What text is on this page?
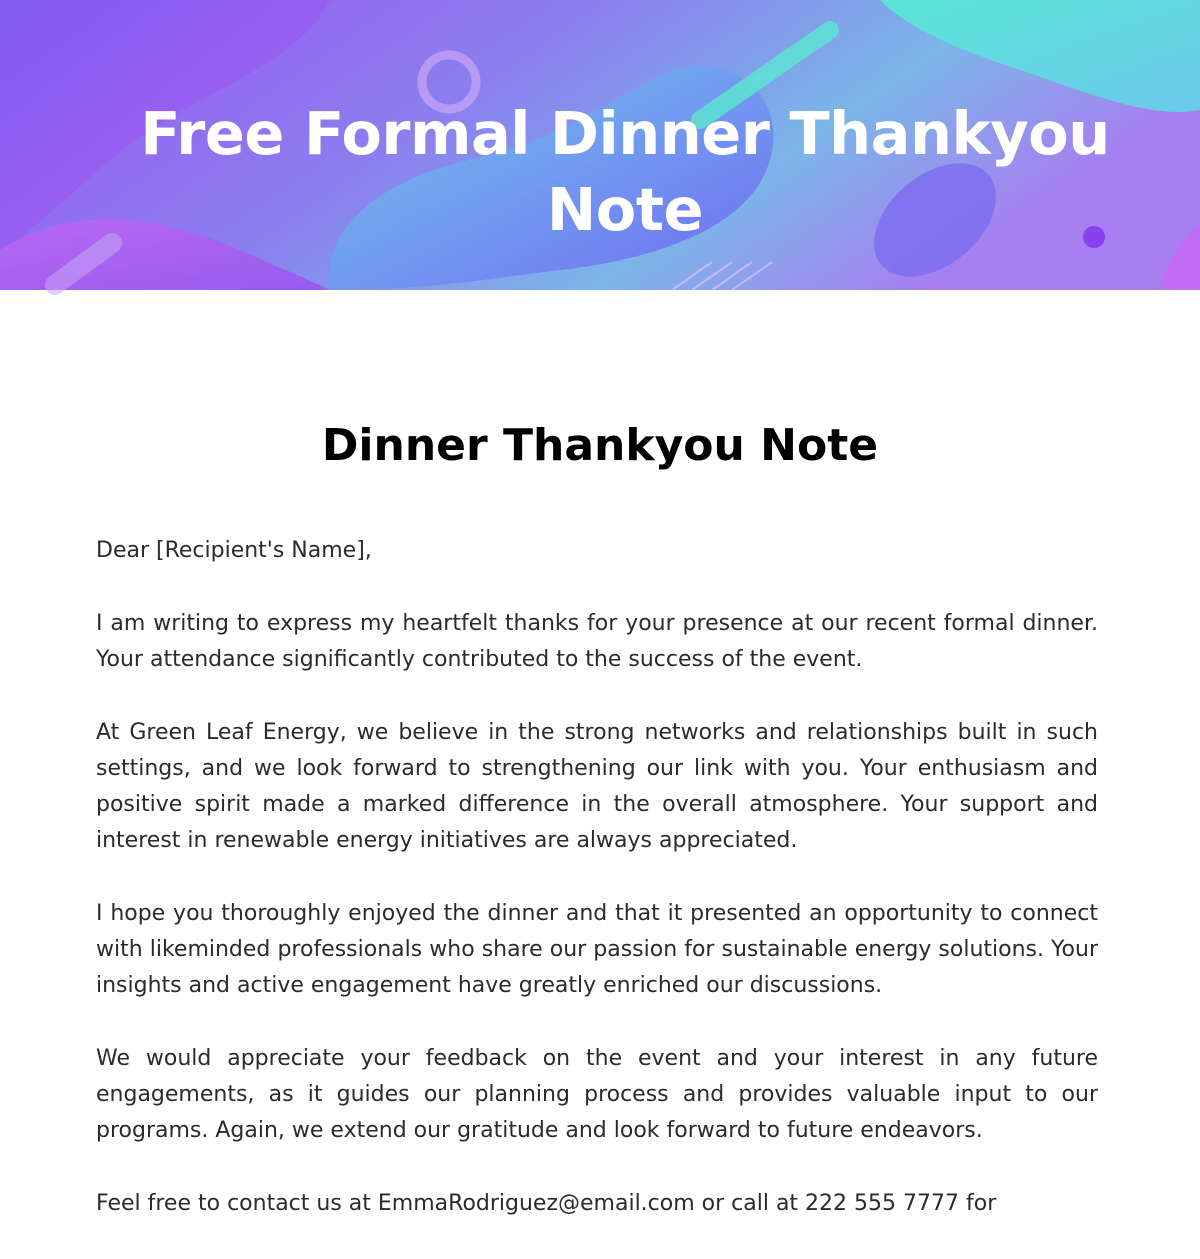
Free Formal Dinner Thankyou Note
Dinner Thankyou Note

Dear [Recipient's Name],

I am writing to express my heartfelt thanks for your presence at our recent formal dinner. Your attendance significantly contributed to the success of the event.

At Green Leaf Energy, we believe in the strong networks and relationships built in such settings, and we look forward to strengthening our link with you. Your enthusiasm and positive spirit made a marked difference in the overall atmosphere. Your support and interest in renewable energy initiatives are always appreciated.

I hope you thoroughly enjoyed the dinner and that it presented an opportunity to connect with likeminded professionals who share our passion for sustainable energy solutions. Your insights and active engagement have greatly enriched our discussions.

We would appreciate your feedback on the event and your interest in any future engagements, as it guides our planning process and provides valuable input to our programs. Again, we extend our gratitude and look forward to future endeavors.

Feel free to contact us at EmmaRodriguez@email.com or call at 222 555 7777 for
